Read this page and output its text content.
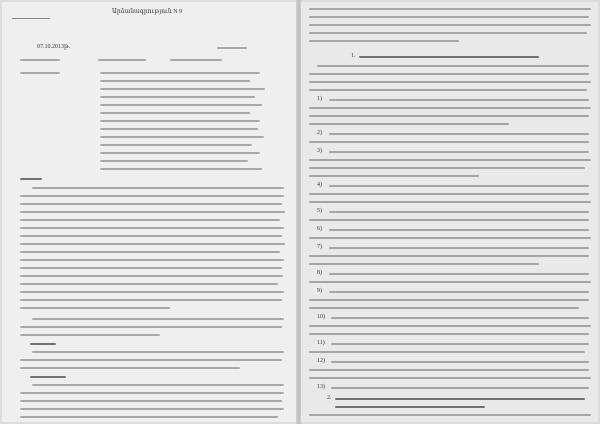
Արձանագրություն N 9
07.10.2013թ.
1.
1)
2)
3)
4)
5)
6)
7)
8)
9)
10)
11)
12)
13)
2.
